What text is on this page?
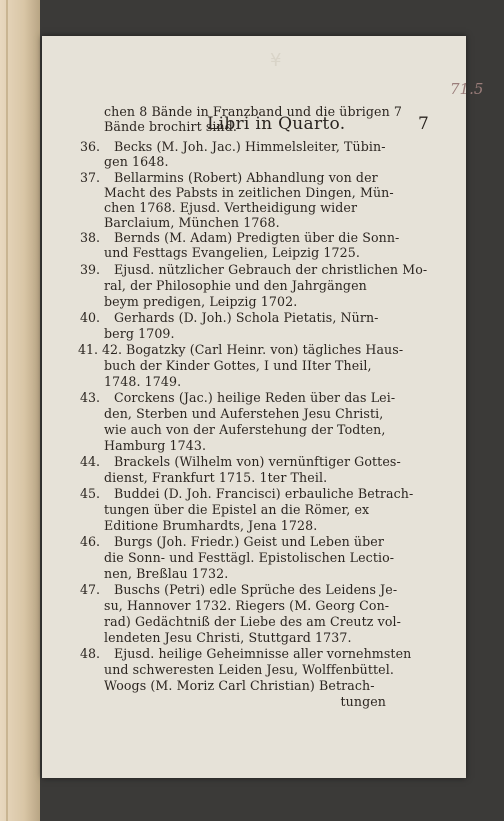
¥
71.5
Libri in Quarto.	7
chen 8 Bände in Franzband und die übrigen 7
Bände brochirt sind.
36. Becks (M. Joh. Jac.) Himmelsleiter, Tübin-
gen 1648.
37. Bellarmins (Robert) Abhandlung von der
Macht des Pabsts in zeitlichen Dingen, Mün-
chen 1768. Ejusd. Vertheidigung wider
Barclaium, München 1768.
38. Bernds (M. Adam) Predigten über die Sonn-
und Festtags Evangelien, Leipzig 1725.
39. Ejusd. nützlicher Gebrauch der christlichen Mo-
ral, der Philosophie und den Jahrgängen
beym predigen, Leipzig 1702.
40. Gerhards (D. Joh.) Schola Pietatis, Nürn-
berg 1709.
41. 42. Bogatzky (Carl Heinr. von) tägliches Haus-
buch der Kinder Gottes, I und IIter Theil,
1748. 1749.
43. Corckens (Jac.) heilige Reden über das Lei-
den, Sterben und Auferstehen Jesu Christi,
wie auch von der Auferstehung der Todten,
Hamburg 1743.
44. Brackels (Wilhelm von) vernünftiger Gottes-
dienst, Frankfurt 1715. 1ter Theil.
45. Buddei (D. Joh. Francisci) erbauliche Betrach-
tungen über die Epistel an die Römer, ex
Editione Brumhardts, Jena 1728.
46. Burgs (Joh. Friedr.) Geist und Leben über
die Sonn- und Festtägl. Epistolischen Lectio-
nen, Breßlau 1732.
47. Buschs (Petri) edle Sprüche des Leidens Je-
su, Hannover 1732. Riegers (M. Georg Con-
rad) Gedächtniß der Liebe des am Creutz vol-
lendeten Jesu Christi, Stuttgard 1737.
48. Ejusd. heilige Geheimnisse aller vornehmsten
und schweresten Leiden Jesu, Wolffenbüttel.
Woogs (M. Moriz Carl Christian) Betrach-
tungen
